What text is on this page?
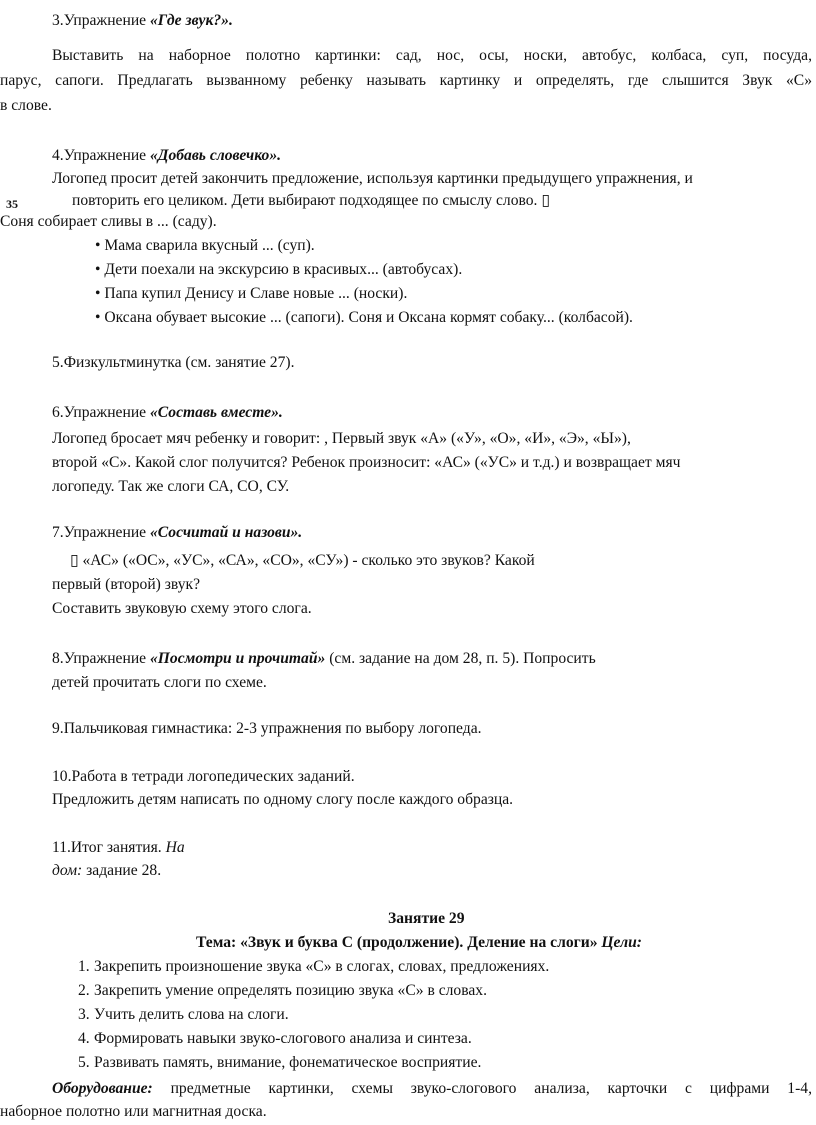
3.Упражнение «Где звук?».
Выставить на наборное полотно картинки: сад, нос, осы, носки, автобус, колбаса, суп, посуда,
парус, сапоги. Предлагать вызванному ребенку называть картинку и определять, где слышится Звук «С»
в слове.
4.Упражнение «Добавь словечко».
Логопед просит детей закончить предложение, используя картинки предыдущего упражнения, и
35	повторить его целиком. Дети выбирают подходящее по смыслу слово. ▯
Соня собирает сливы в ... (саду).
• Мама сварила вкусный ... (суп).
• Дети поехали на экскурсию в красивых... (автобусах).
• Папа купил Денису и Славе новые ... (носки).
• Оксана обувает высокие ... (сапоги). Соня и Оксана кормят собаку... (колбасой).
5.Физкультминутка (см. занятие 27).
6.Упражнение «Составь вместе».
Логопед бросает мяч ребенку и говорит: , Первый звук «А» («У», «О», «И», «Э», «Ы»),
второй «С». Какой слог получится? Ребенок произносит: «АС» («УС» и т.д.) и возвращает мяч
логопеду. Так же слоги СА, СО, СУ.
7.Упражнение «Сосчитай и назови».
▯ «АС» («ОС», «УС», «СА», «СО», «СУ») - сколько это звуков? Какой
первый (второй) звук?
Составить звуковую схему этого слога.
8.Упражнение «Посмотри и прочитай» (см. задание на дом 28, п. 5). Попросить
детей прочитать слоги по схеме.
9.Пальчиковая гимнастика: 2-3 упражнения по выбору логопеда.
10.Работа в тетради логопедических заданий.
Предложить детям написать по одному слогу после каждого образца.
11.Итог занятия. На
дом: задание 28.
Занятие 29
Тема: «Звук и буква С (продолжение). Деление на слоги» Цели:
1. Закрепить произношение звука «С» в слогах, словах, предложениях.
2. Закрепить умение определять позицию звука «С» в словах.
3. Учить делить слова на слоги.
4. Формировать навыки звуко-слогового анализа и синтеза.
5. Развивать память, внимание, фонематическое восприятие.
Оборудование: предметные картинки, схемы звуко-слогового анализа, карточки с цифрами 1-4,
наборное полотно или магнитная доска.
